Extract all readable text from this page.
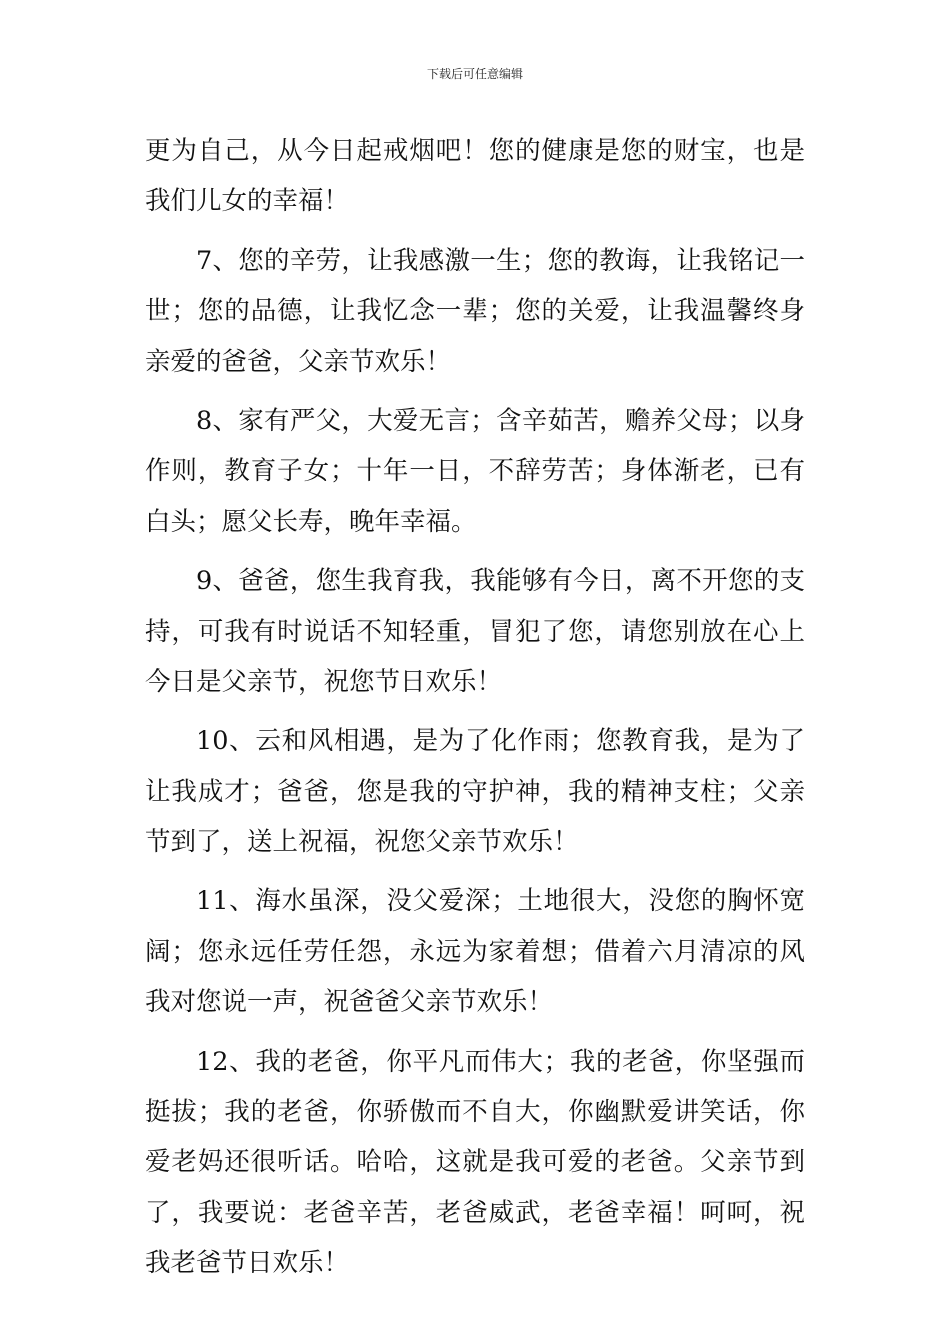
下载后可任意编辑
更为自己，从今日起戒烟吧！您的健康是您的财宝，也是
我们儿女的幸福！
7、您的辛劳，让我感激一生；您的教诲，让我铭记一
世；您的品德，让我忆念一辈；您的关爱，让我温馨终身
亲爱的爸爸，父亲节欢乐！
8、家有严父，大爱无言；含辛茹苦，赡养父母；以身
作则，教育子女；十年一日，不辞劳苦；身体渐老，已有
白头；愿父长寿，晚年幸福。
9、爸爸，您生我育我，我能够有今日，离不开您的支
持，可我有时说话不知轻重，冒犯了您，请您别放在心上
今日是父亲节，祝您节日欢乐！
10、云和风相遇，是为了化作雨；您教育我，是为了
让我成才；爸爸，您是我的守护神，我的精神支柱；父亲
节到了，送上祝福，祝您父亲节欢乐！
11、海水虽深，没父爱深；土地很大，没您的胸怀宽
阔；您永远任劳任怨，永远为家着想；借着六月清凉的风
我对您说一声，祝爸爸父亲节欢乐！
12、我的老爸，你平凡而伟大；我的老爸，你坚强而
挺拔；我的老爸，你骄傲而不自大，你幽默爱讲笑话，你
爱老妈还很听话。哈哈，这就是我可爱的老爸。父亲节到
了，我要说：老爸辛苦，老爸威武，老爸幸福！呵呵，祝
我老爸节日欢乐！
